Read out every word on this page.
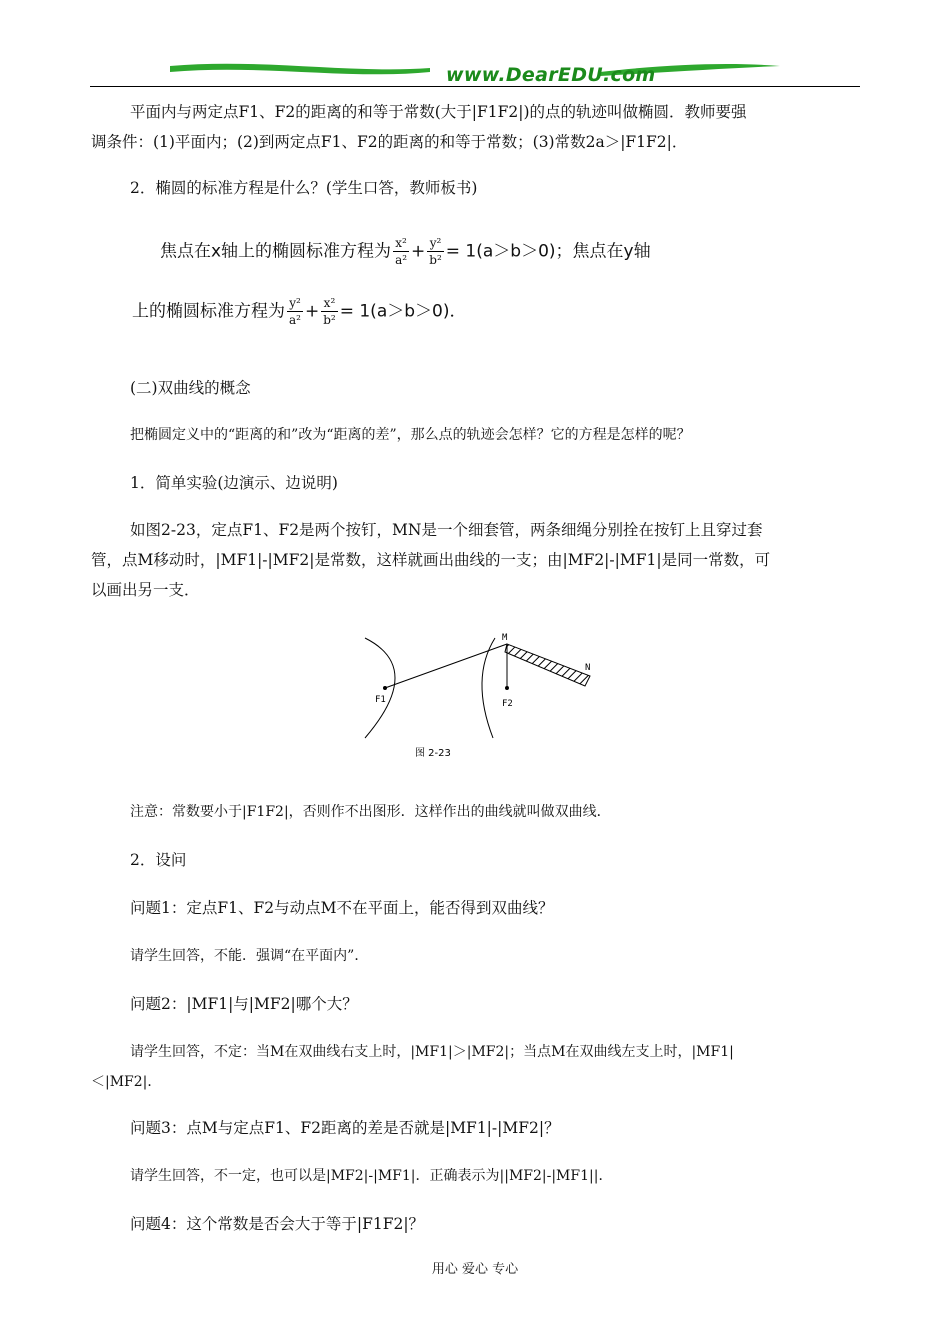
www.DearEDU.com

平面内与两定点F1、F2的距离的和等于常数(大于|F1F2|)的点的轨迹叫做椭圆．教师要强

调条件：(1)平面内；(2)到两定点F1、F2的距离的和等于常数；(3)常数2a＞|F1F2|．

2．椭圆的标准方程是什么？(学生口答，教师板书)

焦点在x轴上的椭圆标准方程为 $\frac{\text{x²}}{\text{a²}} + \frac{\text{y²}}{\text{b²}} = 1(a>b>0)$；焦点在y轴
上的椭圆标准方程为 $\frac{\text{y²}}{\text{a²}} + \frac{\text{x²}}{\text{b²}} = 1(a>b>0)$．

(二)双曲线的概念

把椭圆定义中的“距离的和”改为“距离的差”，那么点的轨迹会怎样？它的方程是怎样的呢？

1．简单实验(边演示、边说明)

如图2-23，定点F1、F2是两个按钉，MN是一个细套管，两条细绳分别拴在按钉上且穿过套

管，点M移动时，|MF1|-|MF2|是常数，这样就画出曲线的一支；由|MF2|-|MF1|是同一常数，可

以画出另一支．

M
N
F1	F2
图 2-23

注意：常数要小于|F1F2|，否则作不出图形．这样作出的曲线就叫做双曲线．

2．设问

问题1：定点F1、F2与动点M不在平面上，能否得到双曲线？

请学生回答，不能．强调“在平面内”．

问题2：|MF1|与|MF2|哪个大？

请学生回答，不定：当M在双曲线右支上时，|MF1|＞|MF2|；当点M在双曲线左支上时，|MF1|

＜|MF2|．

问题3：点M与定点F1、F2距离的差是否就是|MF1|-|MF2|？

请学生回答，不一定，也可以是|MF2|-|MF1|．正确表示为||MF2|-|MF1||．

问题4：这个常数是否会大于等于|F1F2|？

用心 爱心 专心
